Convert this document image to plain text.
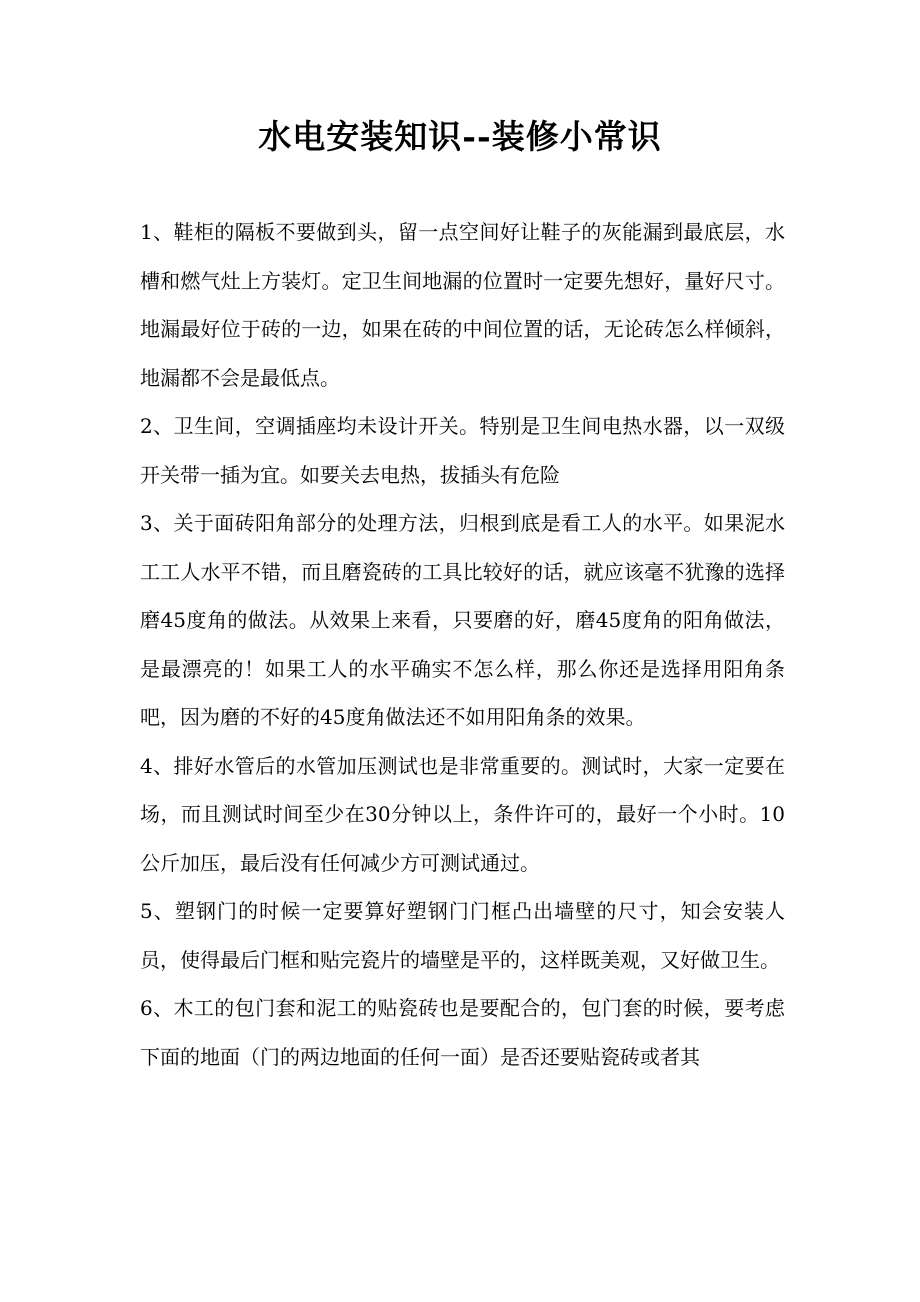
水电安装知识--装修小常识

1、鞋柜的隔板不要做到头，留一点空间好让鞋子的灰能漏到最底层，水槽和燃气灶上方装灯。定卫生间地漏的位置时一定要先想好，量好尺寸。地漏最好位于砖的一边，如果在砖的中间位置的话，无论砖怎么样倾斜，地漏都不会是最低点。

2、卫生间，空调插座均未设计开关。特别是卫生间电热水器，以一双级开关带一插为宜。如要关去电热，拔插头有危险

3、关于面砖阳角部分的处理方法，归根到底是看工人的水平。如果泥水工工人水平不错，而且磨瓷砖的工具比较好的话，就应该毫不犹豫的选择磨45度角的做法。从效果上来看，只要磨的好，磨45度角的阳角做法，是最漂亮的！如果工人的水平确实不怎么样，那么你还是选择用阳角条吧，因为磨的不好的45度角做法还不如用阳角条的效果。

4、排好水管后的水管加压测试也是非常重要的。测试时，大家一定要在场，而且测试时间至少在30分钟以上，条件许可的，最好一个小时。10公斤加压，最后没有任何减少方可测试通过。

5、塑钢门的时候一定要算好塑钢门门框凸出墙壁的尺寸，知会安装人员，使得最后门框和贴完瓷片的墙壁是平的，这样既美观，又好做卫生。

6、木工的包门套和泥工的贴瓷砖也是要配合的，包门套的时候，要考虑下面的地面（门的两边地面的任何一面）是否还要贴瓷砖或者其
